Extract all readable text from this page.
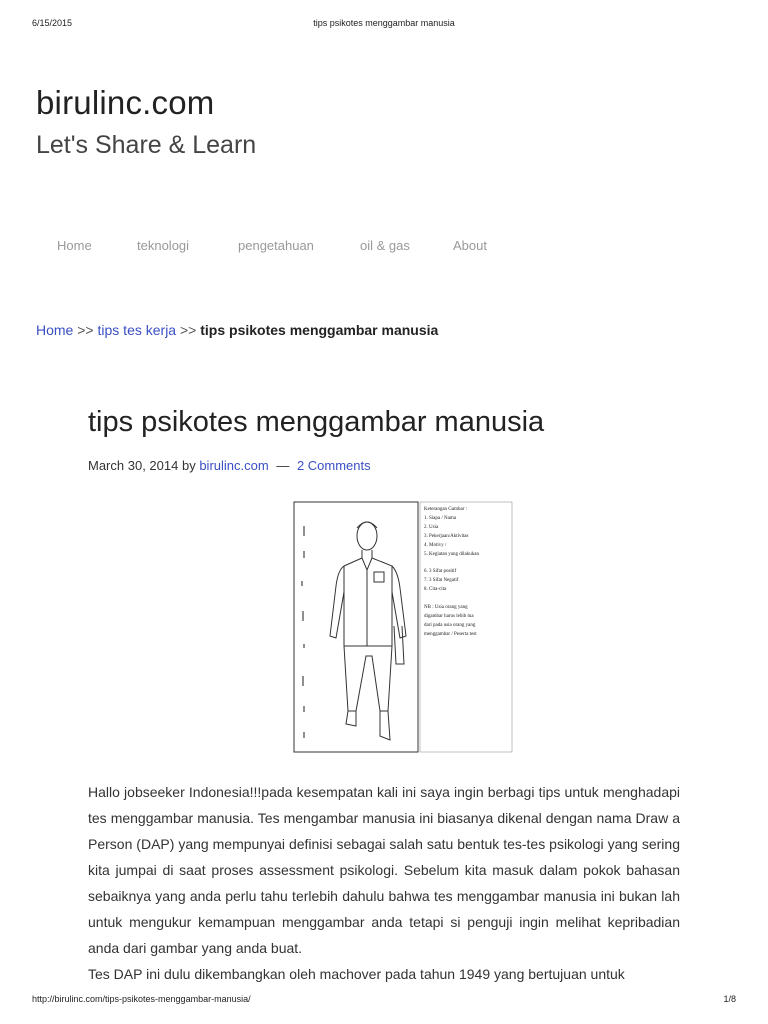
6/15/2015	tips psikotes menggambar manusia
birulinc.com
Let's Share & Learn
Home	teknologi	pengetahuan	oil & gas	About
Home >> tips tes kerja >> tips psikotes menggambar manusia
tips psikotes menggambar manusia
March 30, 2014 by birulinc.com — 2 Comments
Keterangan Gambar :
1. Siapa / Nama
2. Usia
3. Pekerjaan/Aktivitas
4. Motivy /
5. Kegiatan yang dilakukan
6. 3 Sifat positif
7. 3 Sifat Negatif
8. Cita-cita
NB : Usia orang yang
digambar harus lebih tua
dari pada usia orang yang
menggambar / Peserta test

Hallo jobseeker Indonesia!!!pada kesempatan kali ini saya ingin berbagi tips untuk menghadapi tes menggambar manusia. Tes mengambar manusia ini biasanya dikenal dengan nama Draw a Person (DAP) yang mempunyai definisi sebagai salah satu bentuk tes-tes psikologi yang sering kita jumpai di saat proses assessment psikologi. Sebelum kita masuk dalam pokok bahasan sebaiknya yang anda perlu tahu terlebih dahulu bahwa tes menggambar manusia ini bukan lah untuk mengukur kemampuan menggambar anda tetapi si penguji ingin melihat kepribadian anda dari gambar yang anda buat.

Tes DAP ini dulu dikembangkan oleh machover pada tahun 1949 yang bertujuan untuk

http://birulinc.com/tips-psikotes-menggambar-manusia/	1/8
